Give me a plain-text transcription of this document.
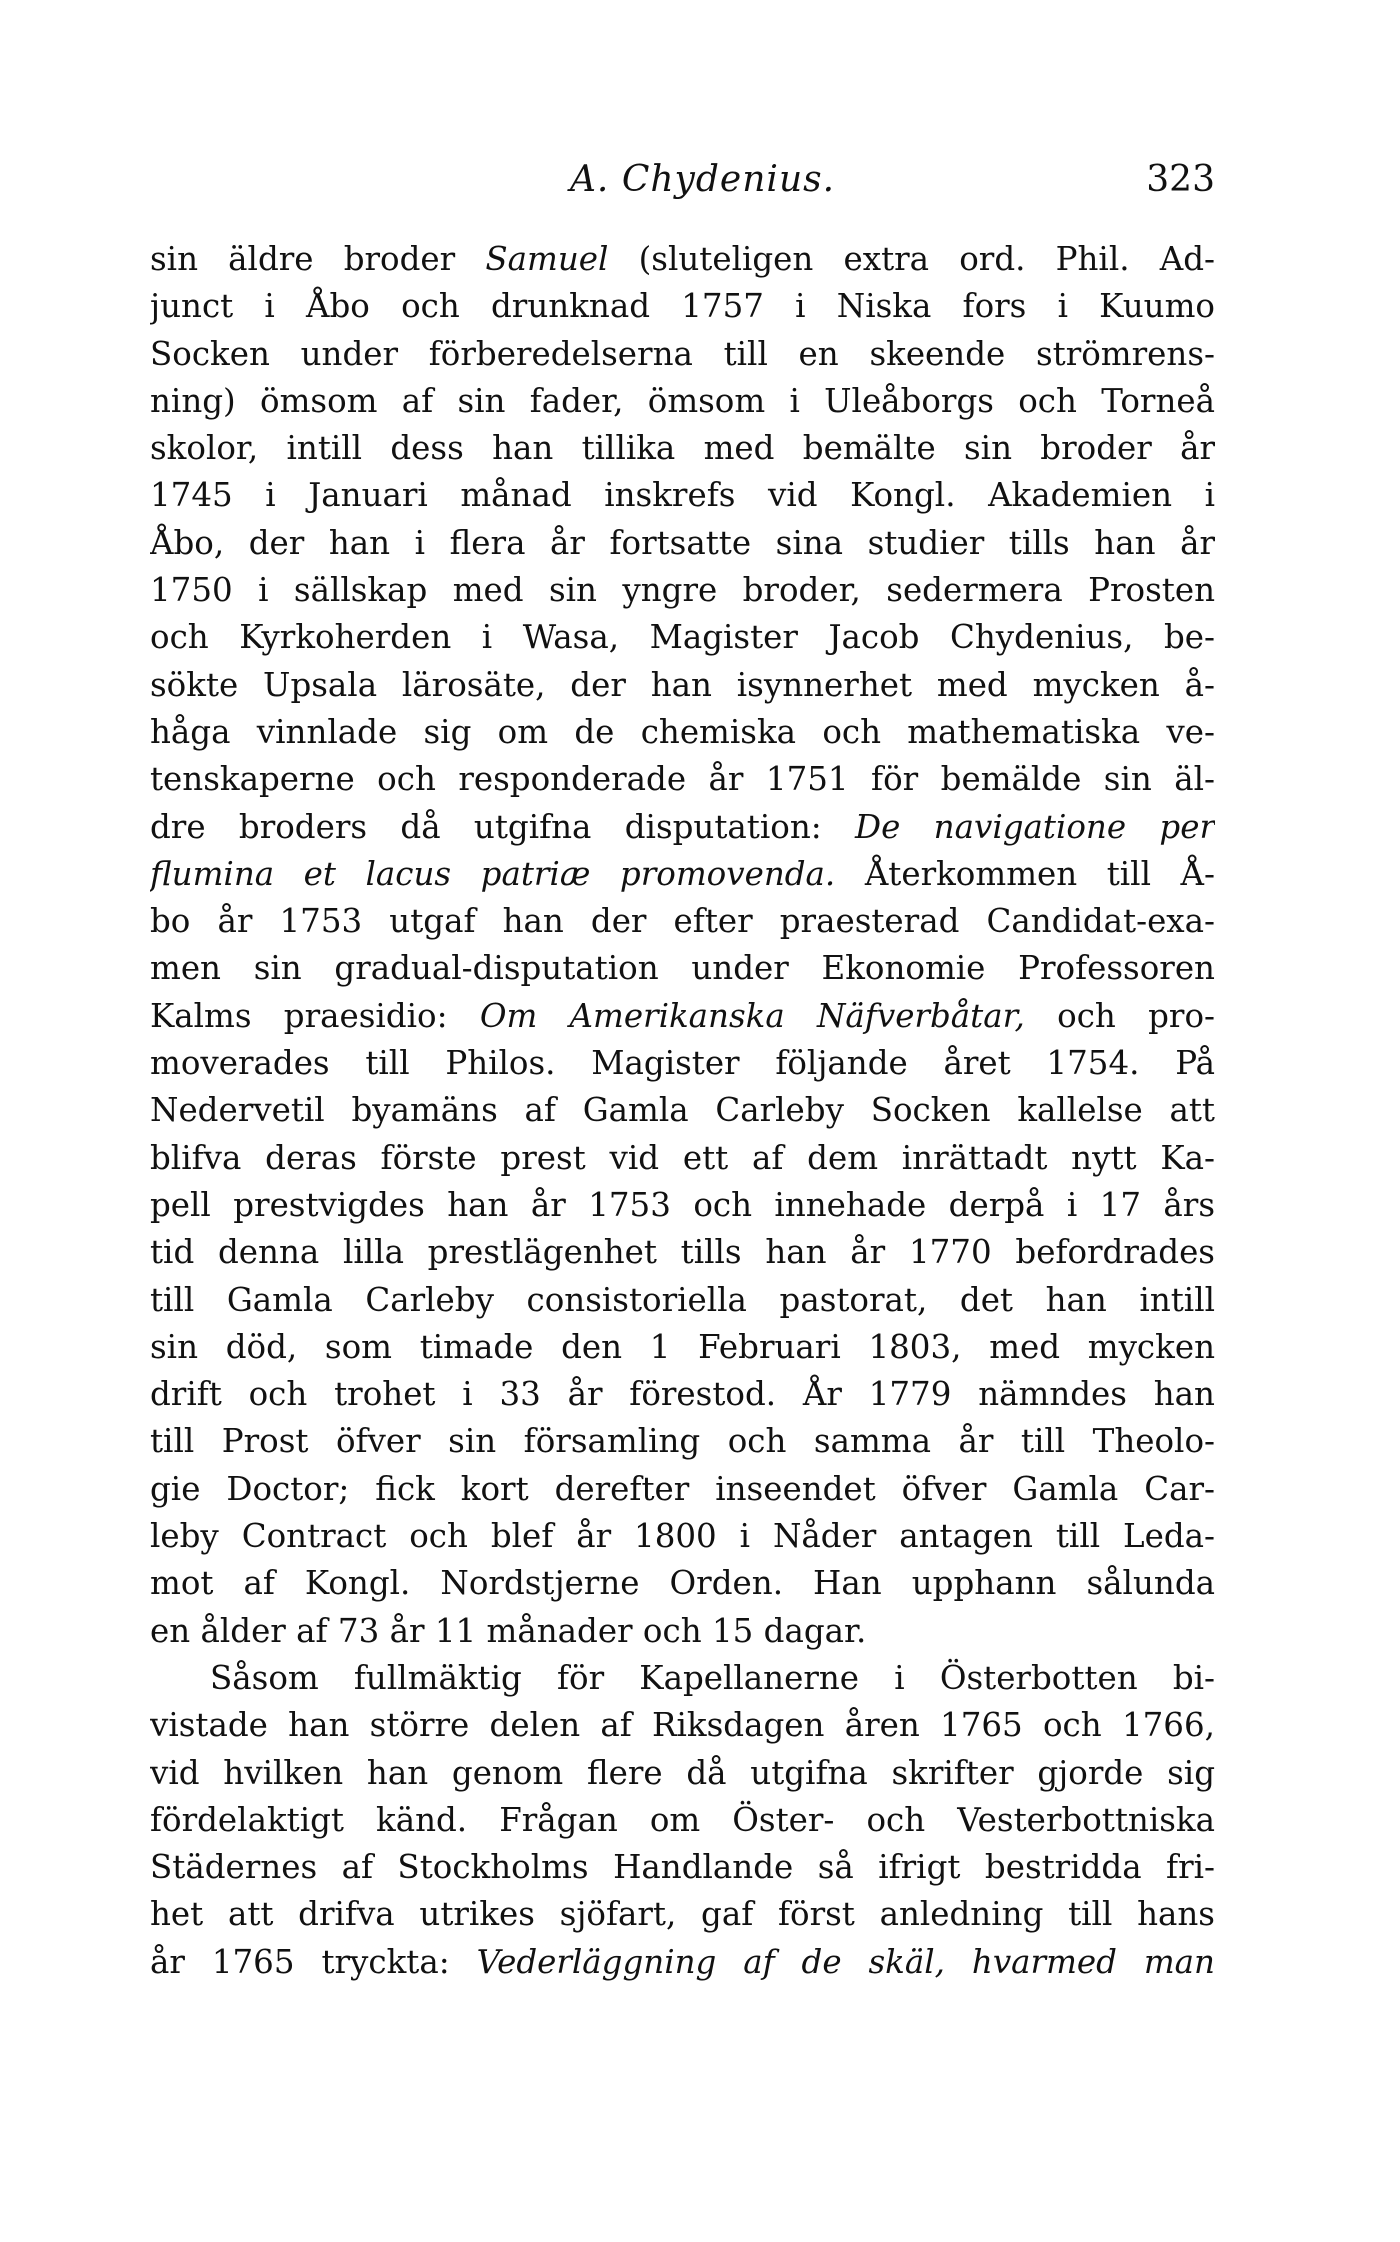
A. Chydenius.	323
sin äldre broder Samuel (sluteligen extra ord. Phil. Ad-
junct i Åbo och drunknad 1757 i Niska fors i Kuumo
Socken under förberedelserna till en skeende strömrens-
ning) ömsom af sin fader, ömsom i Uleåborgs och Torneå
skolor, intill dess han tillika med bemälte sin broder år
1745 i Januari månad inskrefs vid Kongl. Akademien i
Åbo, der han i flera år fortsatte sina studier tills han år
1750 i sällskap med sin yngre broder, sedermera Prosten
och Kyrkoherden i Wasa, Magister Jacob Chydenius, be-
sökte Upsala lärosäte, der han isynnerhet med mycken å-
håga vinnlade sig om de chemiska och mathematiska ve-
tenskaperne och responderade år 1751 för bemälde sin äl-
dre broders då utgifna disputation: De navigatione per
flumina et lacus patriæ promovenda. Återkommen till Å-
bo år 1753 utgaf han der efter praesterad Candidat-exa-
men sin gradual-disputation under Ekonomie Professoren
Kalms praesidio: Om Amerikanska Näfverbåtar, och pro-
moverades till Philos. Magister följande året 1754. På
Nedervetil byamäns af Gamla Carleby Socken kallelse att
blifva deras förste prest vid ett af dem inrättadt nytt Ka-
pell prestvigdes han år 1753 och innehade derpå i 17 års
tid denna lilla prestlägenhet tills han år 1770 befordrades
till Gamla Carleby consistoriella pastorat, det han intill
sin död, som timade den 1 Februari 1803, med mycken
drift och trohet i 33 år förestod. År 1779 nämndes han
till Prost öfver sin församling och samma år till Theolo-
gie Doctor; fick kort derefter inseendet öfver Gamla Car-
leby Contract och blef år 1800 i Nåder antagen till Leda-
mot af Kongl. Nordstjerne Orden. Han upphann sålunda
en ålder af 73 år 11 månader och 15 dagar.
Såsom fullmäktig för Kapellanerne i Österbotten bi-
vistade han större delen af Riksdagen åren 1765 och 1766,
vid hvilken han genom flere då utgifna skrifter gjorde sig
fördelaktigt känd. Frågan om Öster- och Vesterbottniska
Städernes af Stockholms Handlande så ifrigt bestridda fri-
het att drifva utrikes sjöfart, gaf först anledning till hans
år 1765 tryckta: Vederläggning af de skäl, hvarmed man
